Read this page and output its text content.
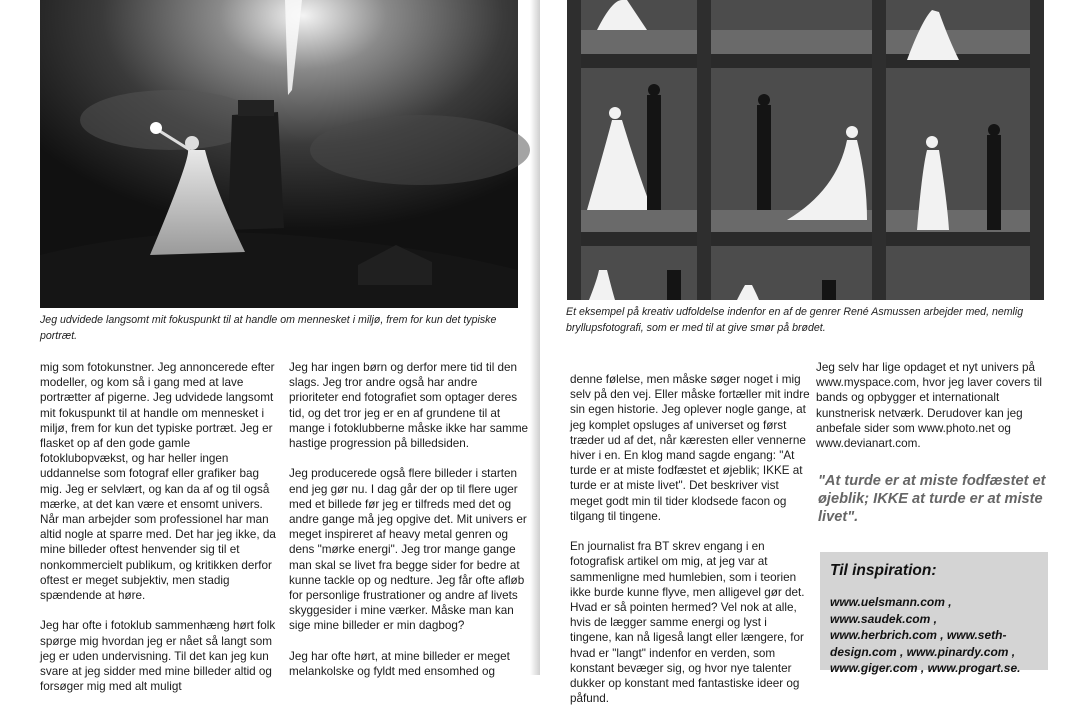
Jeg udvidede langsomt mit fokuspunkt til at handle om mennesket i miljø, frem for kun det typiske portræt.

mig som fotokunstner. Jeg annoncerede efter modeller, og kom så i gang med at lave portrætter af pigerne. Jeg udvidede langsomt mit fokuspunkt til at handle om mennesket i miljø, frem for kun det typiske portræt. Jeg er flasket op af den gode gamle fotoklubopvækst, og har heller ingen uddannelse som fotograf eller grafiker bag mig. Jeg er selvlært, og kan da af og til også mærke, at det kan være et ensomt univers. Når man arbejder som professionel har man altid nogle at sparre med. Det har jeg ikke, da mine billeder oftest henvender sig til et nonkommercielt publikum, og kritikken derfor oftest er meget subjektiv, men stadig spændende at høre.

Jeg har ofte i fotoklub sammenhæng hørt folk spørge mig hvordan jeg er nået så langt som jeg er uden undervisning. Til det kan jeg kun svare at jeg sidder med mine billeder altid og forsøger mig med alt muligt

Jeg har ingen børn og derfor mere tid til den slags. Jeg tror andre også har andre prioriteter end fotografiet som optager deres tid, og det tror jeg er en af grundene til at mange i fotoklubberne måske ikke har samme hastige progression på billedsiden.

Jeg producerede også flere billeder i starten end jeg gør nu. I dag går der op til flere uger med et billede før jeg er tilfreds med det og andre gange må jeg opgive det. Mit univers er meget inspireret af heavy metal genren og dens "mørke energi". Jeg tror mange gange man skal se livet fra begge sider for bedre at kunne tackle op og nedture. Jeg får ofte afløb for personlige frustrationer og andre af livets skyggesider i mine værker. Måske man kan sige mine billeder er min dagbog?

Jeg har ofte hørt, at mine billeder er meget melankolske og fyldt med ensomhed og

Et eksempel på kreativ udfoldelse indenfor en af de genrer René Asmussen arbejder med, nemlig bryllupsfotografi, som er med til at give smør på brødet.

denne følelse, men måske søger noget i mig selv på den vej. Eller måske fortæller mit indre sin egen historie. Jeg oplever nogle gange, at jeg komplet opsluges af universet og først træder ud af det, når kæresten eller vennerne hiver i en. En klog mand sagde engang: "At turde er at miste fodfæstet et øjeblik; IKKE at turde er at miste livet". Det beskriver vist meget godt min til tider klodsede facon og tilgang til tingene.

En journalist fra BT skrev engang i en fotografisk artikel om mig, at jeg var at sammenligne med humlebien, som i teorien ikke burde kunne flyve, men alligevel gør det. Hvad er så pointen hermed? Vel nok at alle, hvis de lægger samme energi og lyst i tingene, kan nå ligeså langt eller længere, for hvad er "langt" indenfor en verden, som konstant bevæger sig, og hvor nye talenter dukker op konstant med fantastiske ideer og påfund.

Jeg selv har lige opdaget et nyt univers på www.myspace.com, hvor jeg laver covers til bands og opbygger et internationalt kunstnerisk netværk. Derudover kan jeg anbefale sider som www.photo.net og www.devianart.com.

"At turde er at miste fodfæstet et øjeblik; IKKE at turde er at miste livet".
Til inspiration:
www.uelsmann.com , www.saudek.com , www.herbrich.com , www.seth-design.com , www.pinardy.com , www.giger.com , www.progart.se.
